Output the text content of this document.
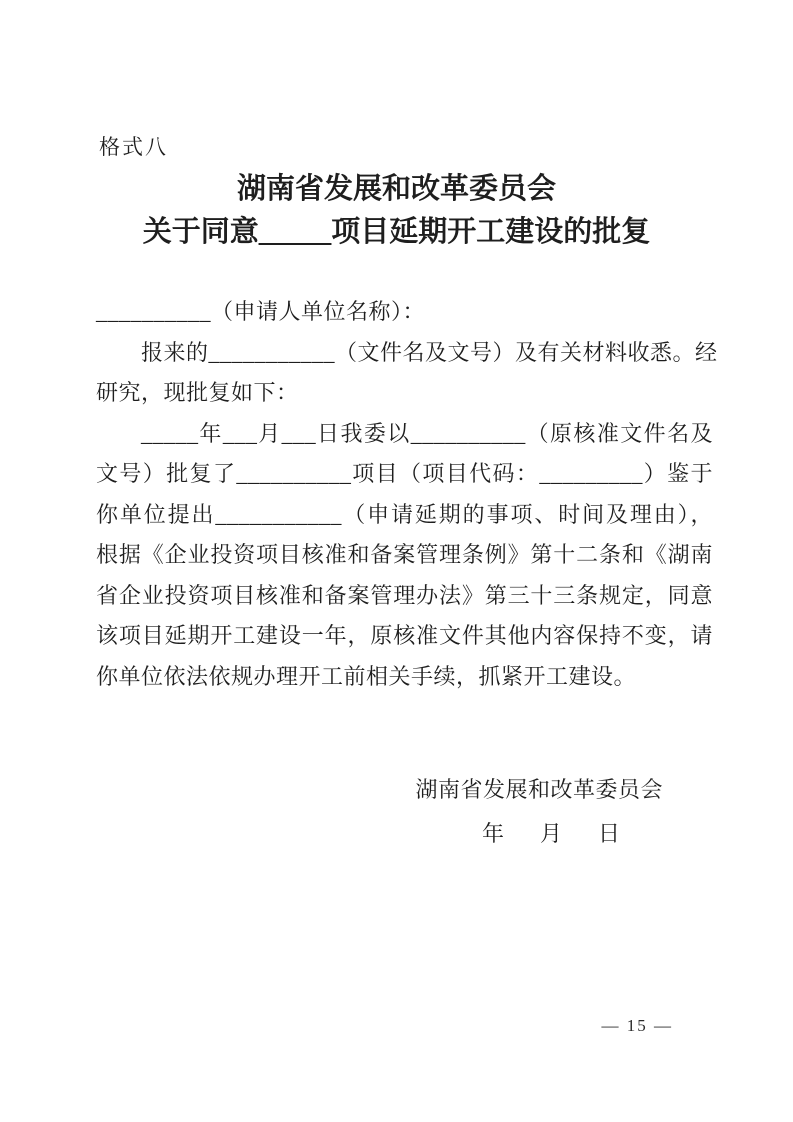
格式八
湖南省发展和改革委员会
关于同意_____项目延期开工建设的批复
__________（申请人单位名称）：
报来的___________（文件名及文号）及有关材料收悉。经
研究，现批复如下：
_____年___月___日我委以__________（原核准文件名及
文号）批复了__________项目（项目代码：_________）鉴于
你单位提出___________（申请延期的事项、时间及理由），
根据《企业投资项目核准和备案管理条例》第十二条和《湖南
省企业投资项目核准和备案管理办法》第三十三条规定，同意
该项目延期开工建设一年，原核准文件其他内容保持不变，请
你单位依法依规办理开工前相关手续，抓紧开工建设。
湖南省发展和改革委员会
年　月　日
— 15 —
